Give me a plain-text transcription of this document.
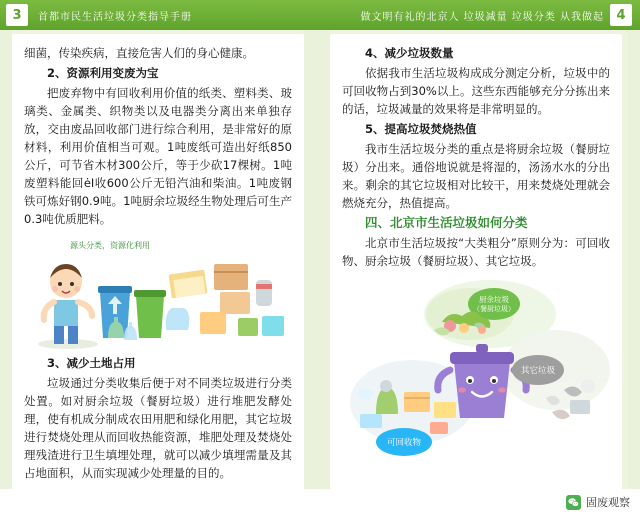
3	首都市民生活垃圾分类指导手册	做文明有礼的北京人 垃圾减量 垃圾分类 从我做起 4

细菌，传染疾病，直接危害人们的身心健康。

2、资源利用变废为宝

把废弃物中有回收利用价值的纸类、塑料类、玻璃类、金属类、织物类以及电器类分离出来单独存放，交由废品回收部门进行综合利用，是非常好的原材料，利用价值相当可观。1吨废纸可造出好纸850公斤，可节省木材300公斤，等于少砍17棵树。1吨废塑料能回ėI收600公斤无铅汽油和柴油。1吨废钢铁可炼好钢0.9吨。1吨厨余垃圾经生物处理后可生产0.3吨优质肥料。

源头分类，资源化利用

3、减少土地占用

垃圾通过分类收集后便于对不同类垃圾进行分类处置。如对厨余垃圾（餐厨垃圾）进行堆肥发酵处理，使有机成分制成农田用肥和绿化用肥，其它垃圾进行焚烧处理从而回收热能资源，堆肥处理及焚烧处理残渣进行卫生填埋处理，就可以减少填埋需量及其占地面积，从而实现减少处理量的目的。

4、减少垃圾数量

依据我市生活垃圾构成成分测定分析，垃圾中的可回收物占到30%以上。这些东西能够充分分拣出来的话，垃圾减量的效果将是非常明显的。

5、提高垃圾焚烧热值

我市生活垃圾分类的重点是将厨余垃圾（餐厨垃圾）分出来。通俗地说就是将湿的，汤汤水水的分出来。剩余的其它垃圾相对比较干，用来焚烧处理就会燃烧充分，热值提高。

四、北京市生活垃圾如何分类

北京市生活垃圾按“大类粗分”原则分为：可回收物、厨余垃圾（餐厨垃圾）、其它垃圾。

厨余垃圾
（餐厨垃圾）
其它垃圾
可回收物
固废观察
